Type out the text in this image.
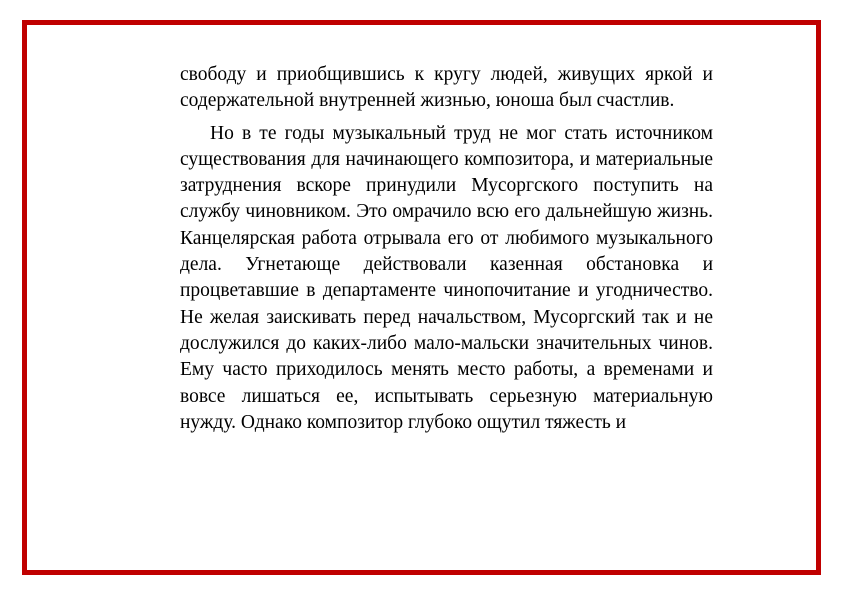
свободу и приобщившись к кругу людей, живущих яркой и содержательной внутренней жизнью, юноша был счастлив.

Но в те годы музыкальный труд не мог стать источником существования для начинающего композитора, и материальные затруднения вскоре принудили Мусоргского поступить на службу чиновником. Это омрачило всю его дальнейшую жизнь. Канцелярская работа отрывала его от любимого музыкального дела. Угнетающе действовали казенная обстановка и процветавшие в департаменте чинопочитание и угодничество. Не желая заискивать перед начальством, Мусоргский так и не дослужился до каких-либо мало-мальски значительных чинов. Ему часто приходилось менять место работы, а временами и вовсе лишаться ее, испытывать серьезную материальную нужду. Однако композитор глубоко ощутил тяжесть и
